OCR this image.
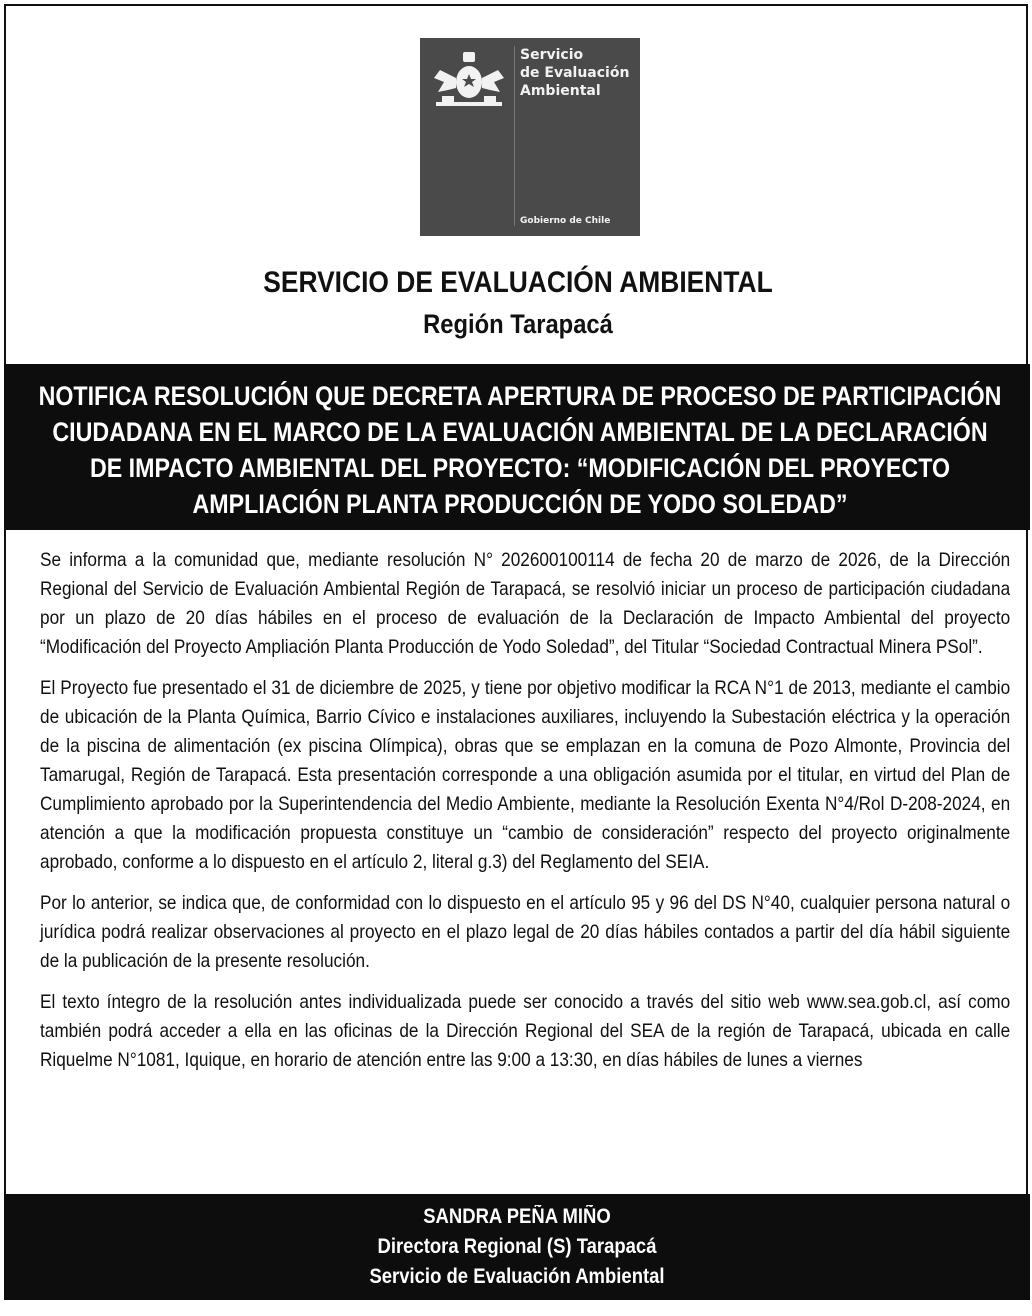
Servicio
de Evaluación
Ambiental
Gobierno de Chile
SERVICIO DE EVALUACIÓN AMBIENTAL
Región Tarapacá
NOTIFICA RESOLUCIÓN QUE DECRETA APERTURA DE PROCESO DE PARTICIPACIÓN CIUDADANA EN EL MARCO DE LA EVALUACIÓN AMBIENTAL DE LA DECLARACIÓN DE IMPACTO AMBIENTAL DEL PROYECTO: “MODIFICACIÓN DEL PROYECTO AMPLIACIÓN PLANTA PRODUCCIÓN DE YODO SOLEDAD”

Se informa a la comunidad que, mediante resolución N° 202600100114 de fecha 20 de marzo de 2026, de la Dirección Regional del Servicio de Evaluación Ambiental Región de Tarapacá, se resolvió iniciar un proceso de participación ciudadana por un plazo de 20 días hábiles en el proceso de evaluación de la Declaración de Impacto Ambiental del proyecto “Modificación del Proyecto Ampliación Planta Producción de Yodo Soledad”, del Titular “Sociedad Contractual Minera PSol”.

El Proyecto fue presentado el 31 de diciembre de 2025, y tiene por objetivo modificar la RCA N°1 de 2013, mediante el cambio de ubicación de la Planta Química, Barrio Cívico e instalaciones auxiliares, incluyendo la Subestación eléctrica y la operación de la piscina de alimentación (ex piscina Olímpica), obras que se emplazan en la comuna de Pozo Almonte, Provincia del Tamarugal, Región de Tarapacá. Esta presentación corresponde a una obligación asumida por el titular, en virtud del Plan de Cumplimiento aprobado por la Superintendencia del Medio Ambiente, mediante la Resolución Exenta N°4/Rol D-208-2024, en atención a que la modificación propuesta constituye un “cambio de consideración” respecto del proyecto originalmente aprobado, conforme a lo dispuesto en el artículo 2, literal g.3) del Reglamento del SEIA.

Por lo anterior, se indica que, de conformidad con lo dispuesto en el artículo 95 y 96 del DS N°40, cualquier persona natural o jurídica podrá realizar observaciones al proyecto en el plazo legal de 20 días hábiles contados a partir del día hábil siguiente de la publicación de la presente resolución.

El texto íntegro de la resolución antes individualizada puede ser conocido a través del sitio web www.sea.gob.cl, así como también podrá acceder a ella en las oficinas de la Dirección Regional del SEA de la región de Tarapacá, ubicada en calle Riquelme N°1081, Iquique, en horario de atención entre las 9:00 a 13:30, en días hábiles de lunes a viernes

SANDRA PEÑA MIÑO
Directora Regional (S) Tarapacá
Servicio de Evaluación Ambiental
